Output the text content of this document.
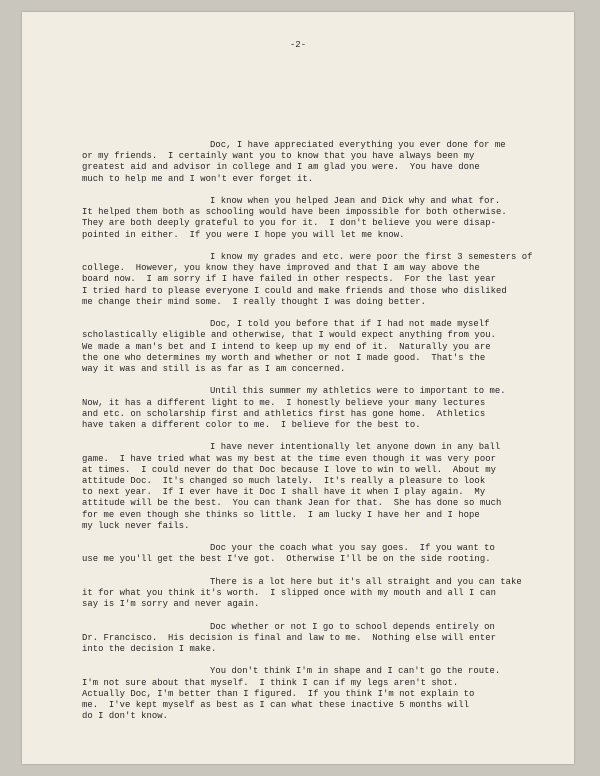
-2-
Doc, I have appreciated everything you ever done for me
or my friends.  I certainly want you to know that you have always been my
greatest aid and advisor in college and I am glad you were.  You have done
much to help me and I won't ever forget it.
I know when you helped Jean and Dick why and what for.
It helped them both as schooling would have been impossible for both otherwise.
They are both deeply grateful to you for it.  I don't believe you were disap-
pointed in either.  If you were I hope you will let me know.
I know my grades and etc. were poor the first 3 semesters of
college.  However, you know they have improved and that I am way above the
board now.  I am sorry if I have failed in other respects.  For the last year
I tried hard to please everyone I could and make friends and those who disliked
me change their mind some.  I really thought I was doing better.
Doc, I told you before that if I had not made myself
scholastically eligible and otherwise, that I would expect anything from you.
We made a man's bet and I intend to keep up my end of it.  Naturally you are
the one who determines my worth and whether or not I made good.  That's the
way it was and still is as far as I am concerned.
Until this summer my athletics were to important to me.
Now, it has a different light to me.  I honestly believe your many lectures
and etc. on scholarship first and athletics first has gone home.  Athletics
have taken a different color to me.  I believe for the best to.
I have never intentionally let anyone down in any ball
game.  I have tried what was my best at the time even though it was very poor
at times.  I could never do that Doc because I love to win to well.  About my
attitude Doc.  It's changed so much lately.  It's really a pleasure to look
to next year.  If I ever have it Doc I shall have it when I play again.  My
attitude will be the best.  You can thank Jean for that.  She has done so much
for me even though she thinks so little.  I am lucky I have her and I hope
my luck never fails.
Doc your the coach what you say goes.  If you want to
use me you'll get the best I've got.  Otherwise I'll be on the side rooting.
There is a lot here but it's all straight and you can take
it for what you think it's worth.  I slipped once with my mouth and all I can
say is I'm sorry and never again.
Doc whether or not I go to school depends entirely on
Dr. Francisco.  His decision is final and law to me.  Nothing else will enter
into the decision I make.
You don't think I'm in shape and I can't go the route.
I'm not sure about that myself.  I think I can if my legs aren't shot.
Actually Doc, I'm better than I figured.  If you think I'm not explain to
me.  I've kept myself as best as I can what these inactive 5 months will
do I don't know.
